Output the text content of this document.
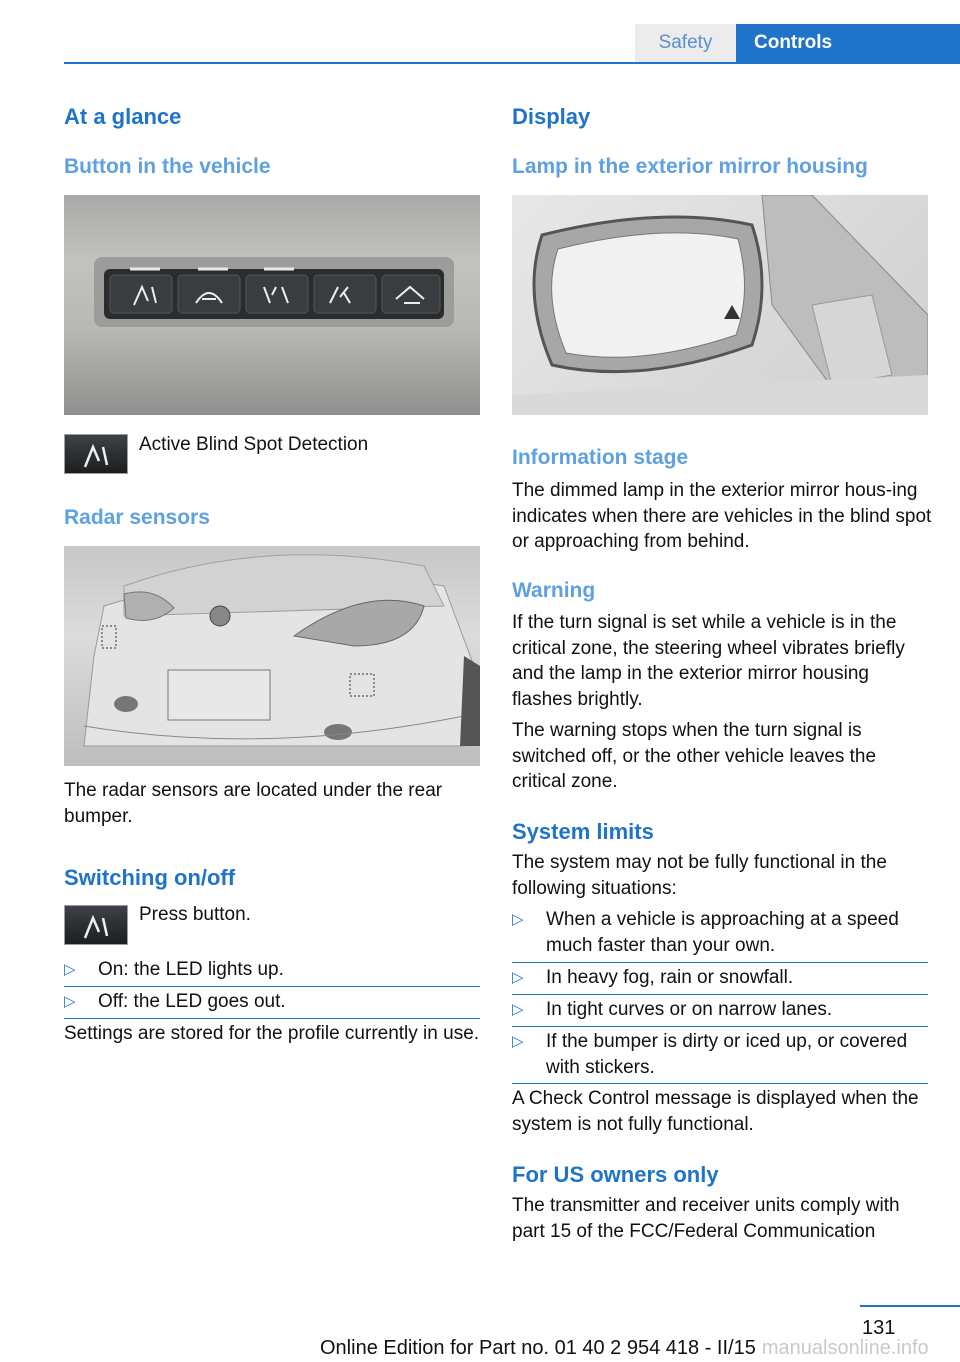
Safety	Controls
At a glance
Button in the vehicle
Active Blind Spot Detection
Radar sensors
The radar sensors are located under the rear bumper.
Switching on/off
Press button.
▷ On: the LED lights up.
▷ Off: the LED goes out.
Settings are stored for the profile currently in use.
Display
Lamp in the exterior mirror housing
Information stage
The dimmed lamp in the exterior mirror hous‐ing indicates when there are vehicles in the blind spot or approaching from behind.
Warning
If the turn signal is set while a vehicle is in the critical zone, the steering wheel vibrates briefly and the lamp in the exterior mirror housing flashes brightly.
The warning stops when the turn signal is switched off, or the other vehicle leaves the critical zone.
System limits
The system may not be fully functional in the following situations:
▷ When a vehicle is approaching at a speed much faster than your own.
▷ In heavy fog, rain or snowfall.
▷ In tight curves or on narrow lanes.
▷ If the bumper is dirty or iced up, or covered with stickers.
A Check Control message is displayed when the system is not fully functional.
For US owners only
The transmitter and receiver units comply with part 15 of the FCC/Federal Communication
131
Online Edition for Part no. 01 40 2 954 418 - II/15 manualsonline.info
